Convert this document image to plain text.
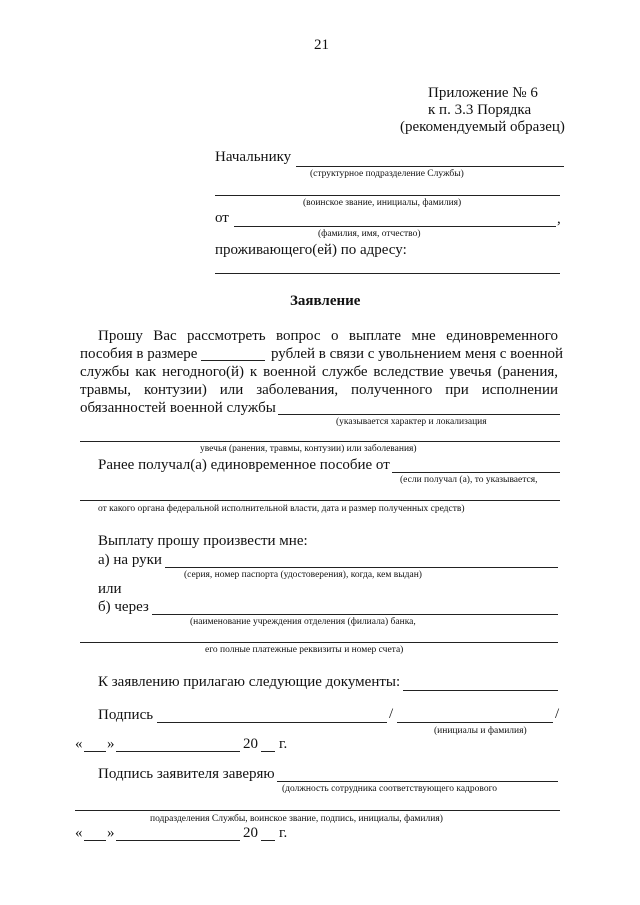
21
Приложение № 6
к п. 3.3 Порядка
(рекомендуемый образец)
Начальнику
(структурное подразделение Службы)
(воинское звание, инициалы, фамилия)
от	,
(фамилия, имя, отчество)
проживающего(ей) по адресу:
Заявление
Прошу Вас рассмотреть вопрос о выплате мне единовременного
пособия в размере	рублей в связи с увольнением меня с военной
службы как негодного(й) к военной службе вследствие увечья (ранения,
травмы, контузии) или заболевания, полученного при исполнении
обязанностей военной службы
(указывается характер и локализация
увечья (ранения, травмы, контузии) или заболевания)
Ранее получал(а) единовременное пособие от
(если получал (а), то указывается,
от какого органа федеральной исполнительной власти, дата и размер полученных средств)
Выплату прошу произвести мне:
а) на руки
(серия, номер паспорта (удостоверения), когда, кем выдан)
или
б) через
(наименование учреждения отделения (филиала) банка,
его полные платежные реквизиты и номер счета)
К заявлению прилагаю следующие документы:
Подпись	/	/
(инициалы и фамилия)
« »	20 г.
Подпись заявителя заверяю
(должность сотрудника соответствующего кадрового
подразделения Службы, воинское звание, подпись, инициалы, фамилия)
« »	20 г.
